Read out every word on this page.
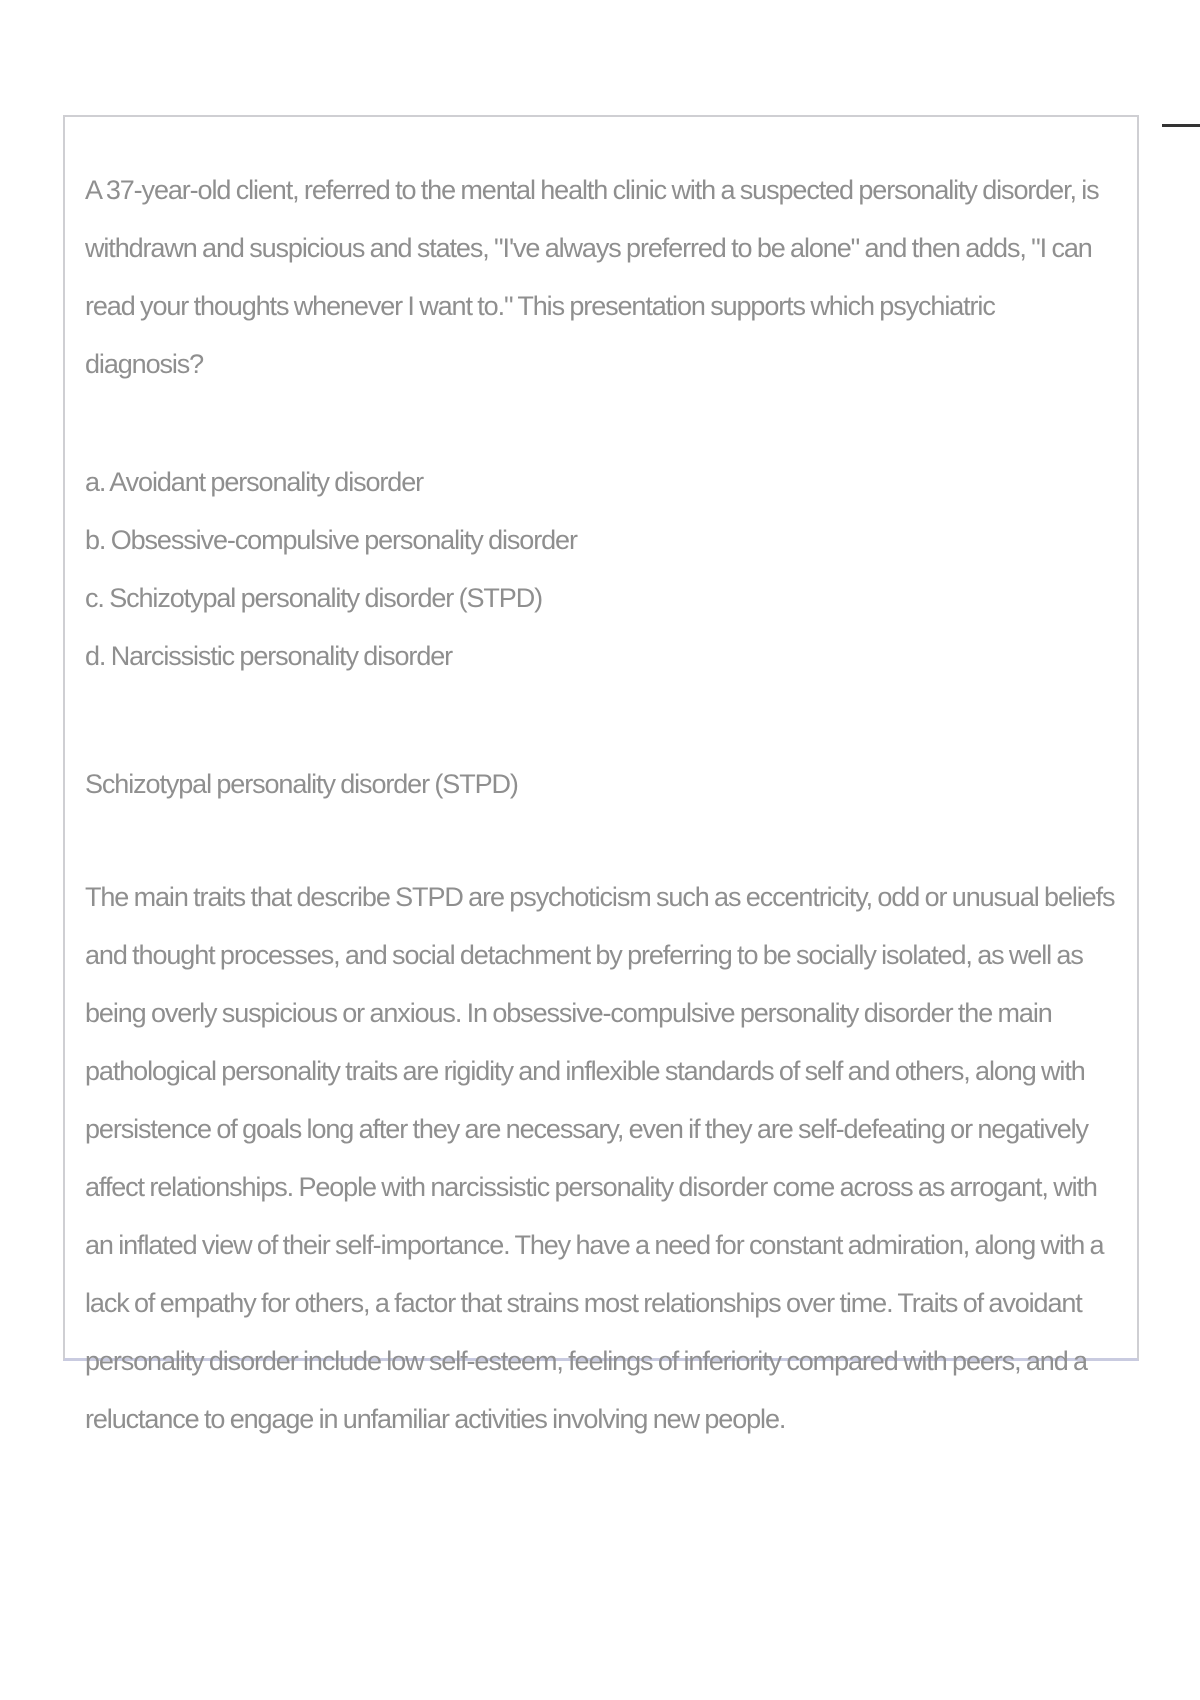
A 37-year-old client, referred to the mental health clinic with a suspected personality disorder, is withdrawn and suspicious and states, "I've always preferred to be alone" and then adds, "I can read your thoughts whenever I want to." This presentation supports which psychiatric diagnosis?

a. Avoidant personality disorder
b. Obsessive-compulsive personality disorder
c. Schizotypal personality disorder (STPD)
d. Narcissistic personality disorder

Schizotypal personality disorder (STPD)

The main traits that describe STPD are psychoticism such as eccentricity, odd or unusual beliefs and thought processes, and social detachment by preferring to be socially isolated, as well as being overly suspicious or anxious. In obsessive-compulsive personality disorder the main pathological personality traits are rigidity and inflexible standards of self and others, along with persistence of goals long after they are necessary, even if they are self-defeating or negatively affect relationships. People with narcissistic personality disorder come across as arrogant, with an inflated view of their self-importance. They have a need for constant admiration, along with a lack of empathy for others, a factor that strains most relationships over time. Traits of avoidant personality disorder include low self-esteem, feelings of inferiority compared with peers, and a reluctance to engage in unfamiliar activities involving new people.
